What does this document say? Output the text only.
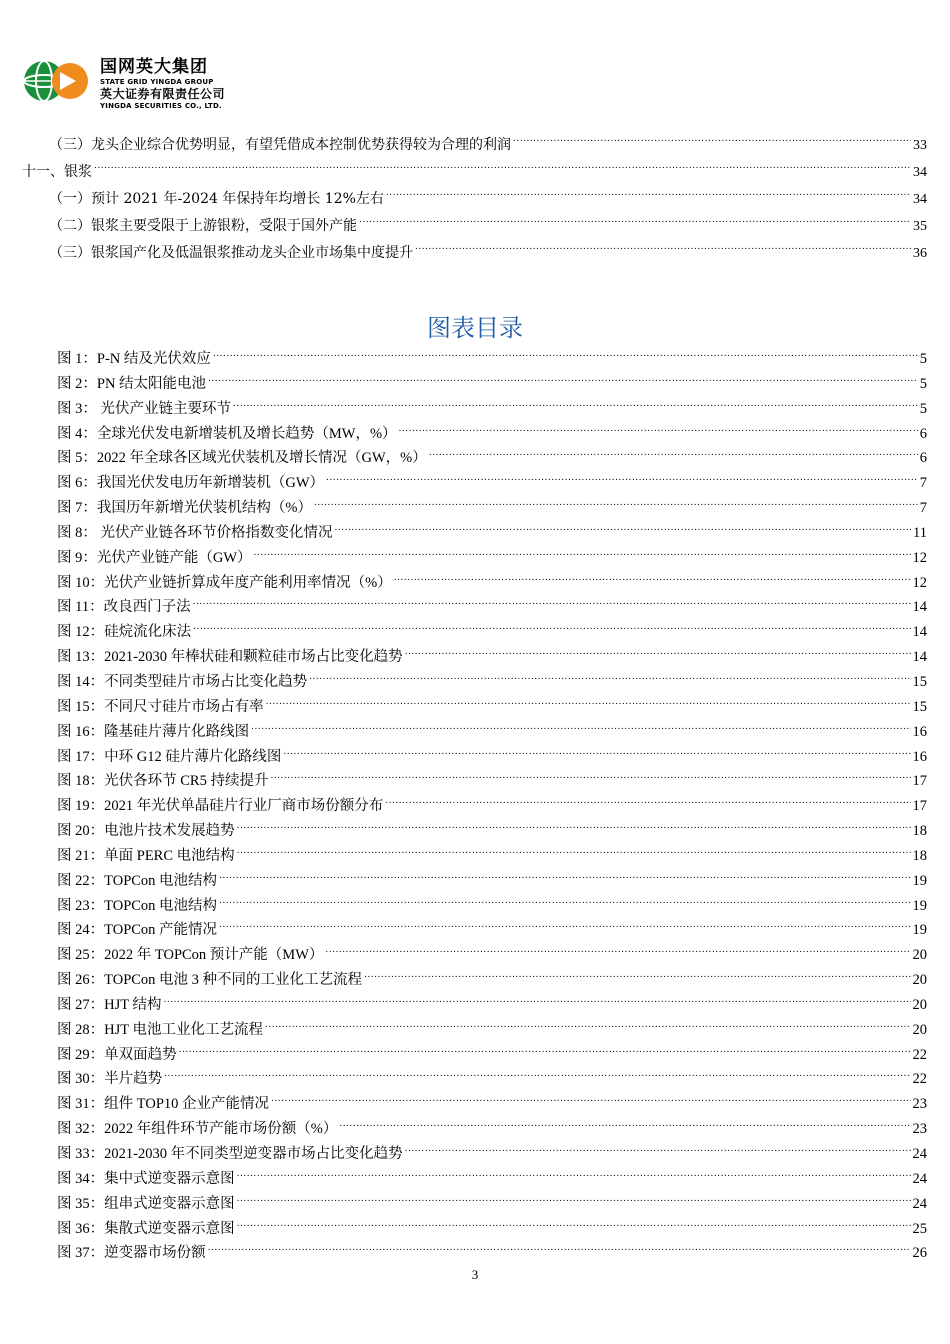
国网英大集团
STATE GRID YINGDA GROUP
英大证券有限责任公司
YINGDA SECURITIES CO., LTD.
（三）龙头企业综合优势明显，有望凭借成本控制优势获得较为合理的利润 .....	33
十一、银浆 .....	34
（一）预计 2021 年-2024 年保持年均增长 12%左右 .....	34
（二）银浆主要受限于上游银粉，受限于国外产能 .....	35
（三）银浆国产化及低温银浆推动龙头企业市场集中度提升 .....	36
图表目录
图 1：P-N 结及光伏效应 .....	5
图 2：PN 结太阳能电池 .....	5
图 3： 光伏产业链主要环节 .....	5
图 4：全球光伏发电新增装机及增长趋势（MW，%） .....	6
图 5：2022 年全球各区域光伏装机及增长情况（GW，%） .....	6
图 6：我国光伏发电历年新增装机（GW） .....	7
图 7：我国历年新增光伏装机结构（%） .....	7
图 8： 光伏产业链各环节价格指数变化情况 .....	11
图 9：光伏产业链产能（GW） .....	12
图 10：光伏产业链折算成年度产能利用率情况（%） .....	12
图 11：改良西门子法 .....	14
图 12：硅烷流化床法 .....	14
图 13：2021-2030 年棒状硅和颗粒硅市场占比变化趋势 .....	14
图 14：不同类型硅片市场占比变化趋势 .....	15
图 15：不同尺寸硅片市场占有率 .....	15
图 16：隆基硅片薄片化路线图 .....	16
图 17：中环 G12 硅片薄片化路线图 .....	16
图 18：光伏各环节 CR5 持续提升 .....	17
图 19：2021 年光伏单晶硅片行业厂商市场份额分布 .....	17
图 20：电池片技术发展趋势 .....	18
图 21：单面 PERC 电池结构 .....	18
图 22：TOPCon 电池结构 .....	19
图 23：TOPCon 电池结构 .....	19
图 24：TOPCon 产能情况 .....	19
图 25：2022 年 TOPCon 预计产能（MW） .....	20
图 26：TOPCon 电池 3 种不同的工业化工艺流程 .....	20
图 27：HJT 结构 .....	20
图 28：HJT 电池工业化工艺流程 .....	20
图 29：单双面趋势 .....	22
图 30：半片趋势 .....	22
图 31：组件 TOP10 企业产能情况 .....	23
图 32：2022 年组件环节产能市场份额（%） .....	23
图 33：2021-2030 年不同类型逆变器市场占比变化趋势 .....	24
图 34：集中式逆变器示意图 .....	24
图 35：组串式逆变器示意图 .....	24
图 36：集散式逆变器示意图 .....	25
图 37：逆变器市场份额 .....	26
3
